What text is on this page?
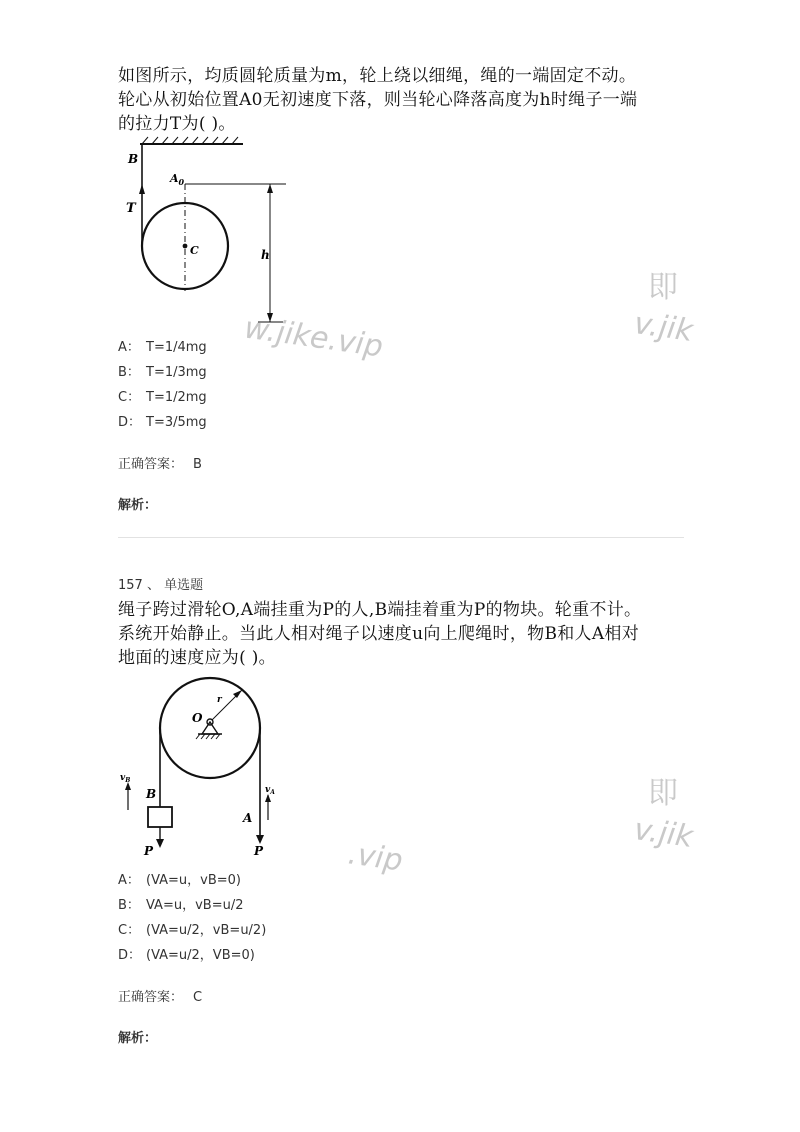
如图所示，均质圆轮质量为m，轮上绕以细绳，绳的一端固定不动。轮心从初始位置A0无初速度下落，则当轮心降落高度为h时绳子一端的拉力T为( )。
B
T
$A_0$
C	h
A： T=1/4mg
B： T=1/3mg
C： T=1/2mg
D： T=3/5mg
正确答案： B
解析：
157 、 单选题
绳子跨过滑轮O,A端挂重为P的人,B端挂着重为P的物块。轮重不计。系统开始静止。当此人相对绳子以速度u向上爬绳时，物B和人A相对地面的速度应为( )。
O
r
$v_B$
B	$v_A$
A
P	P
A： (VA=u，vB=0)
B： VA=u，vB=u/2
C： (VA=u/2，vB=u/2)
D： (VA=u/2，VB=0)
正确答案： C
解析：
w.jike.vip
.vip
即
v.jik
即
v.jik
